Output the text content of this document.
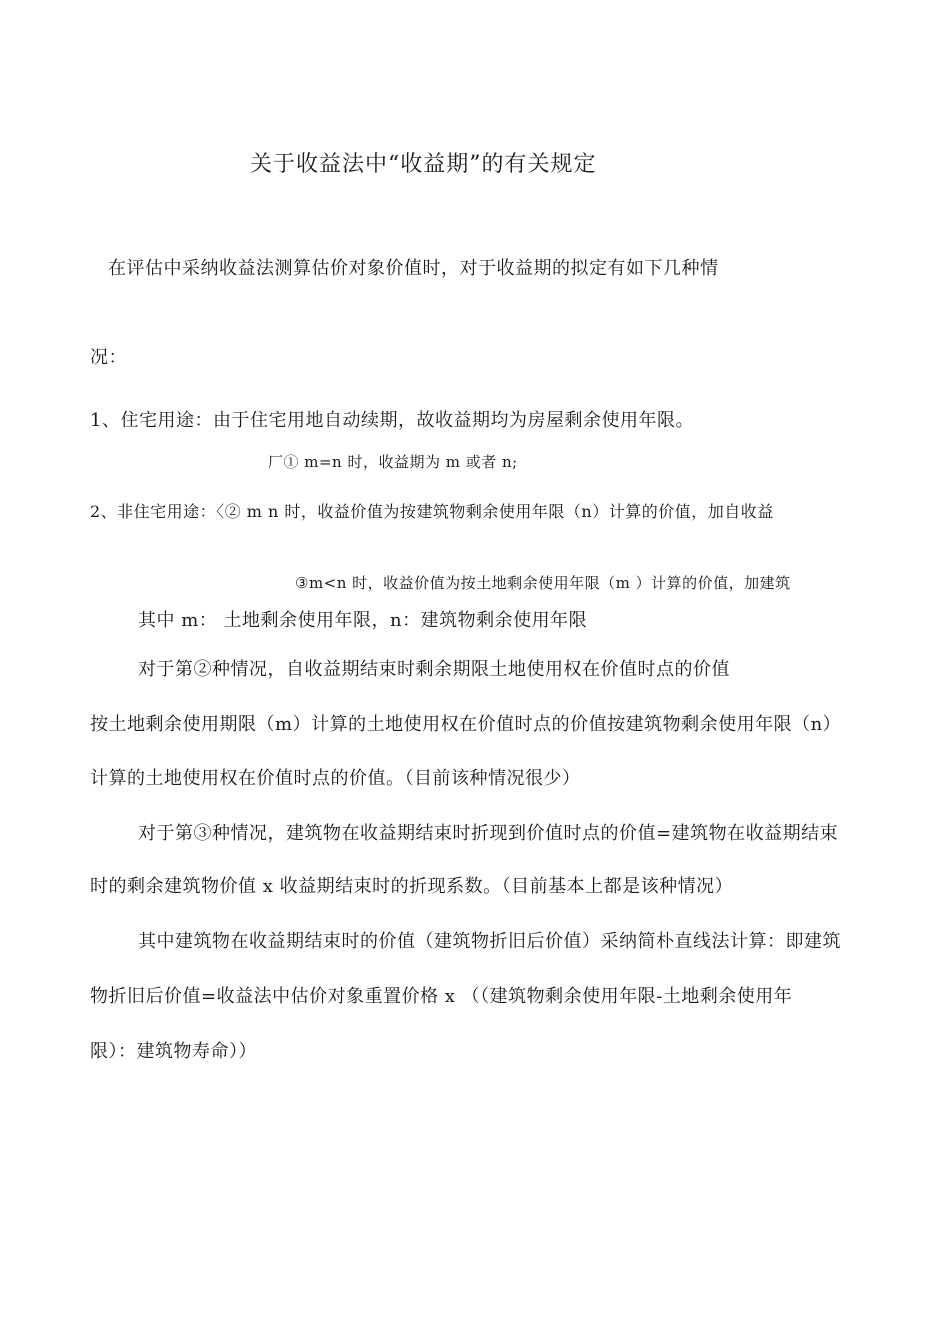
关于收益法中“收益期”的有关规定
在评估中采纳收益法测算估价对象价值时，对于收益期的拟定有如下几种情
况：
1、住宅用途：由于住宅用地自动续期，故收益期均为房屋剩余使用年限。
厂① m=n 时，收益期为 m 或者 n;
2、非住宅用途：〈② m n 时，收益价值为按建筑物剩余使用年限（n）计算的价值，加自收益
③m<n 时，收益价值为按土地剩余使用年限（m ）计算的价值，加建筑
其中 m： 土地剩余使用年限，n：建筑物剩余使用年限
对于第②种情况，自收益期结束时剩余期限土地使用权在价值时点的价值
按土地剩余使用期限（m）计算的土地使用权在价值时点的价值按建筑物剩余使用年限（n）
计算的土地使用权在价值时点的价值。（目前该种情况很少）
对于第③种情况，建筑物在收益期结束时折现到价值时点的价值=建筑物在收益期结束
时的剩余建筑物价值 x 收益期结束时的折现系数。（目前基本上都是该种情况）
其中建筑物在收益期结束时的价值（建筑物折旧后价值）采纳简朴直线法计算：即建筑
物折旧后价值=收益法中估价对象重置价格 x （（建筑物剩余使用年限-土地剩余使用年
限）：建筑物寿命））
